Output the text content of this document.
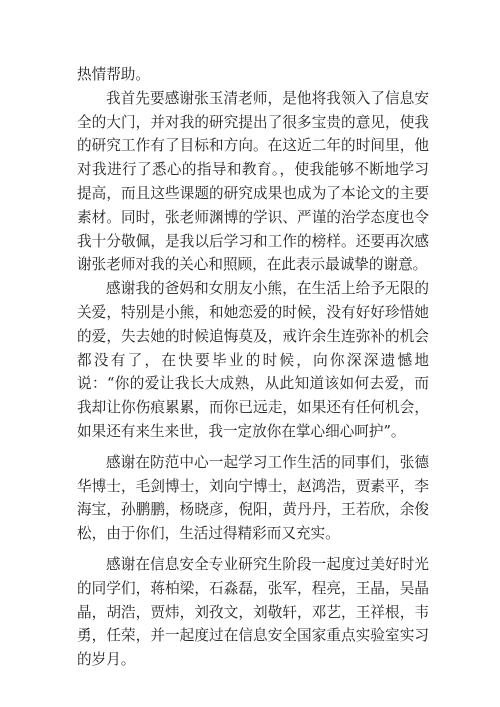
热情帮助。

我首先要感谢张玉清老师，是他将我领入了信息安全的大门，并对我的研究提出了很多宝贵的意见，使我的研究工作有了目标和方向。在这近二年的时间里，他对我进行了悉心的指导和教育。，使我能够不断地学习提高，而且这些课题的研究成果也成为了本论文的主要素材。同时，张老师渊博的学识、严谨的治学态度也令我十分敬佩，是我以后学习和工作的榜样。还要再次感谢张老师对我的关心和照顾，在此表示最诚挚的谢意。

感谢我的爸妈和女朋友小熊，在生活上给予无限的关爱，特别是小熊，和她恋爱的时候，没有好好珍惜她的爱，失去她的时候追悔莫及，戒许余生连弥补的机会都没有了，在快要毕业的时候，向你深深遗憾地说：“你的爱让我长大成熟，从此知道该如何去爱，而我却让你伤痕累累，而你已远走，如果还有任何机会，如果还有来生来世，我一定放你在掌心细心呵护”。

感谢在防范中心一起学习工作生活的同事们，张德华博士，毛剑博士，刘向宁博士，赵鸿浩，贾素平，李海宝，孙鹏鹏，杨晓彦，倪阳，黄丹丹，王若欣，余俊松，由于你们，生活过得精彩而又充实。

感谢在信息安全专业研究生阶段一起度过美好时光的同学们，蒋柏梁，石淼磊，张军，程亮，王晶，吴晶晶，胡浩，贾炜，刘孜文，刘敬轩，邓艺，王祥根，韦勇，任荣，并一起度过在信息安全国家重点实验室实习的岁月。
